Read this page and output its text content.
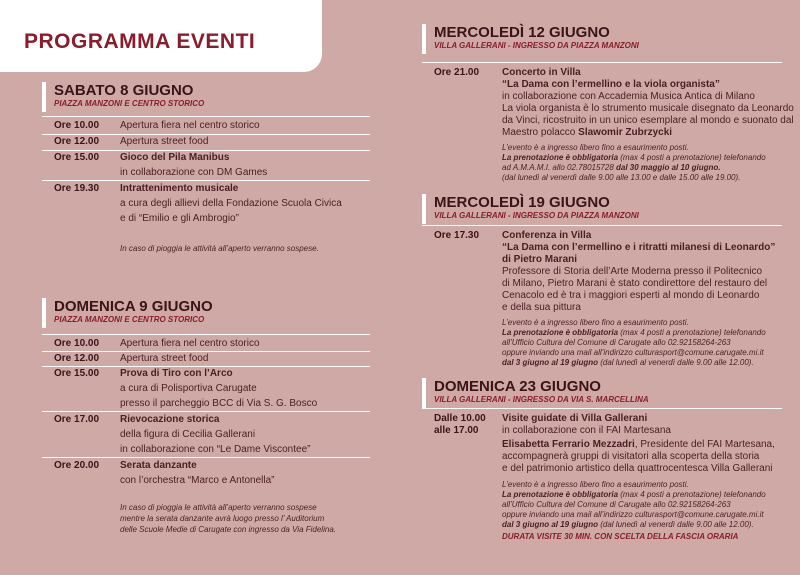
PROGRAMMA EVENTI
SABATO 8 GIUGNO
PIAZZA MANZONI E CENTRO STORICO
Ore 10.00 Apertura fiera nel centro storico
Ore 12.00 Apertura street food
Ore 15.00 Gioco del Pila Manibus
in collaborazione con DM Games
Ore 19.30 Intrattenimento musicale
a cura degli allievi della Fondazione Scuola Civica
e di “Emilio e gli Ambrogio”
In caso di pioggia le attività all’aperto verranno sospese.
DOMENICA 9 GIUGNO
PIAZZA MANZONI E CENTRO STORICO
Ore 10.00 Apertura fiera nel centro storico
Ore 12.00 Apertura street food
Ore 15.00 Prova di Tiro con l’Arco
a cura di Polisportiva Carugate
presso il parcheggio BCC di Via S. G. Bosco
Ore 17.00 Rievocazione storica
della figura di Cecilia Gallerani
in collaborazione con “Le Dame Viscontee”
Ore 20.00 Serata danzante
con l’orchestra “Marco e Antonella”
In caso di pioggia le attività all’aperto verranno sospese
mentre la serata danzante avrà luogo presso l’ Auditorium
delle Scuole Medie di Carugate con ingresso da Via Fidelina.
MERCOLEDÌ 12 GIUGNO
VILLA GALLERANI - INGRESSO DA PIAZZA MANZONI
Ore 21.00 Concerto in Villa
“La Dama con l’ermellino e la viola organista”
in collaborazione con Accademia Musica Antica di Milano
La viola organista è lo strumento musicale disegnato da Leonardo
da Vinci, ricostruito in un unico esemplare al mondo e suonato dal
Maestro polacco Slawomir Zubrzycki
L’evento è a ingresso libero fino a esaurimento posti.
La prenotazione è obbligatoria (max 4 posti a prenotazione) telefonando
ad A.M.A.M.I. allo 02.78015728 dal 30 maggio al 10 giugno.
(dal lunedì al venerdì dalle 9.00 alle 13.00 e dalle 15.00 alle 19.00).
MERCOLEDÌ 19 GIUGNO
VILLA GALLERANI - INGRESSO DA PIAZZA MANZONI
Ore 17.30 Conferenza in Villa
“La Dama con l’ermellino e i ritratti milanesi di Leonardo”
di Pietro Marani
Professore di Storia dell’Arte Moderna presso il Politecnico
di Milano, Pietro Marani è stato condirettore del restauro del
Cenacolo ed è tra i maggiori esperti al mondo di Leonardo
e della sua pittura
L’evento è a ingresso libero fino a esaurimento posti.
La prenotazione è obbligatoria (max 4 posti a prenotazione) telefonando
all’Ufficio Cultura del Comune di Carugate allo 02.92158264-263
oppure inviando una mail all’indirizzo culturasport@comune.carugate.mi.it
dal 3 giugno al 19 giugno (dal lunedì al venerdì dalle 9.00 alle 12.00).
DOMENICA 23 GIUGNO
VILLA GALLERANI - INGRESSO DA VIA S. MARCELLINA
Dalle 10.00
alle 17.00
Visite guidate di Villa Gallerani
in collaborazione con il FAI Martesana
Elisabetta Ferrario Mezzadri, Presidente del FAI Martesana,
accompagnerà gruppi di visitatori alla scoperta della storia
e del patrimonio artistico della quattrocentesca Villa Gallerani
L’evento è a ingresso libero fino a esaurimento posti.
La prenotazione è obbligatoria (max 4 posti a prenotazione) telefonando
all’Ufficio Cultura del Comune di Carugate allo 02.92158264-263
oppure inviando una mail all’indirizzo culturasport@comune.carugate.mi.it
dal 3 giugno al 19 giugno (dal lunedì al venerdì dalle 9.00 alle 12.00).
DURATA VISITE 30 MIN. CON SCELTA DELLA FASCIA ORARIA
